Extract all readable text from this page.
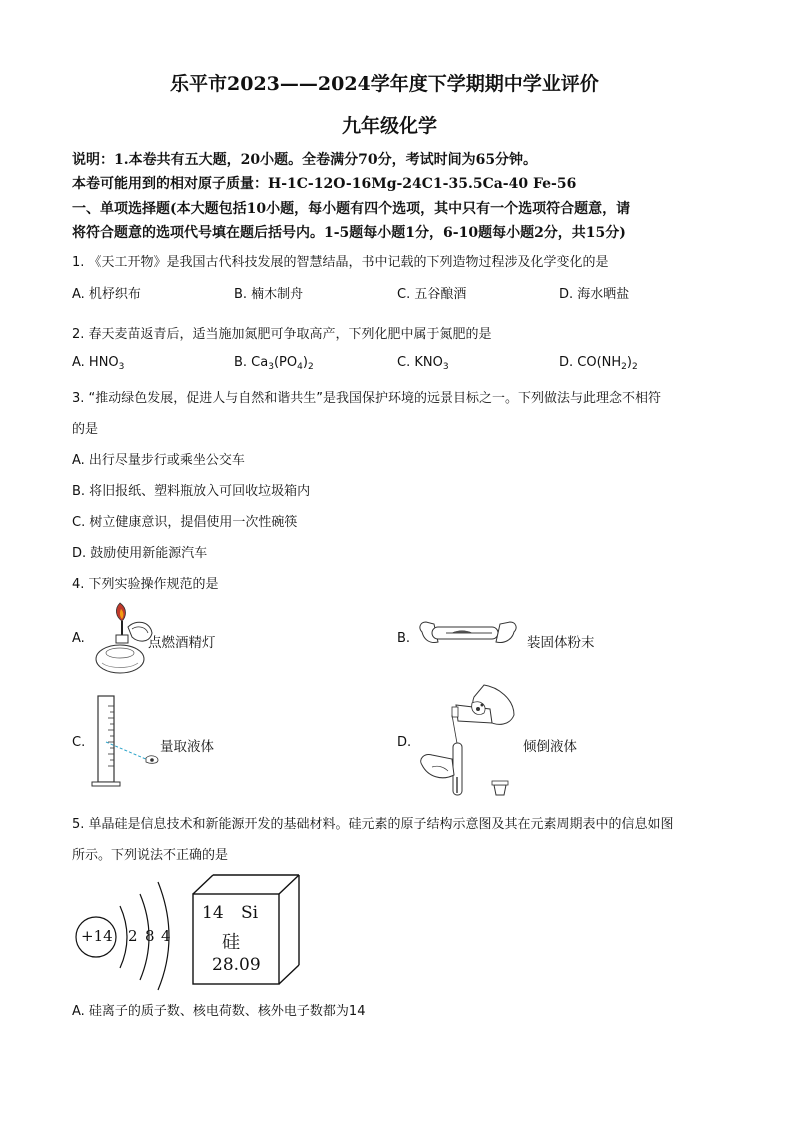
乐平市2023——2024学年度下学期期中学业评价
九年级化学
说明：1.本卷共有五大题，20小题。全卷满分70分，考试时间为65分钟。
本卷可能用到的相对原子质量：H-1C-12O-16Mg-24C1-35.5Ca-40 Fe-56
一、单项选择题(本大题包括10小题，每小题有四个选项，其中只有一个选项符合题意，请
将符合题意的选项代号填在题后括号内。1-5题每小题1分，6-10题每小题2分，共15分)
1. 《天工开物》是我国古代科技发展的智慧结晶，书中记载的下列造物过程涉及化学变化的是
A. 机杼织布	B. 楠木制舟	C. 五谷酿酒	D. 海水晒盐
2. 春天麦苗返青后，适当施加氮肥可争取高产，下列化肥中属于氮肥的是
A. $HNO_3$	B. $Ca_3(PO_4)_2$	C. $KNO_3$	D. $CO(NH_2)_2$
3. “推动绿色发展，促进人与自然和谐共生”是我国保护环境的远景目标之一。下列做法与此理念不相符
的是
A. 出行尽量步行或乘坐公交车
B. 将旧报纸、塑料瓶放入可回收垃圾箱内
C. 树立健康意识，提倡使用一次性碗筷
D. 鼓励使用新能源汽车
4. 下列实验操作规范的是
A.	点燃酒精灯	B.	装固体粉末
C.	量取液体	D.	倾倒液体
5. 单晶硅是信息技术和新能源开发的基础材料。硅元素的原子结构示意图及其在元素周期表中的信息如图
所示。下列说法不正确的是
+14 2 8 4
14 Si
硅
28.09
A. 硅离子的质子数、核电荷数、核外电子数都为14
